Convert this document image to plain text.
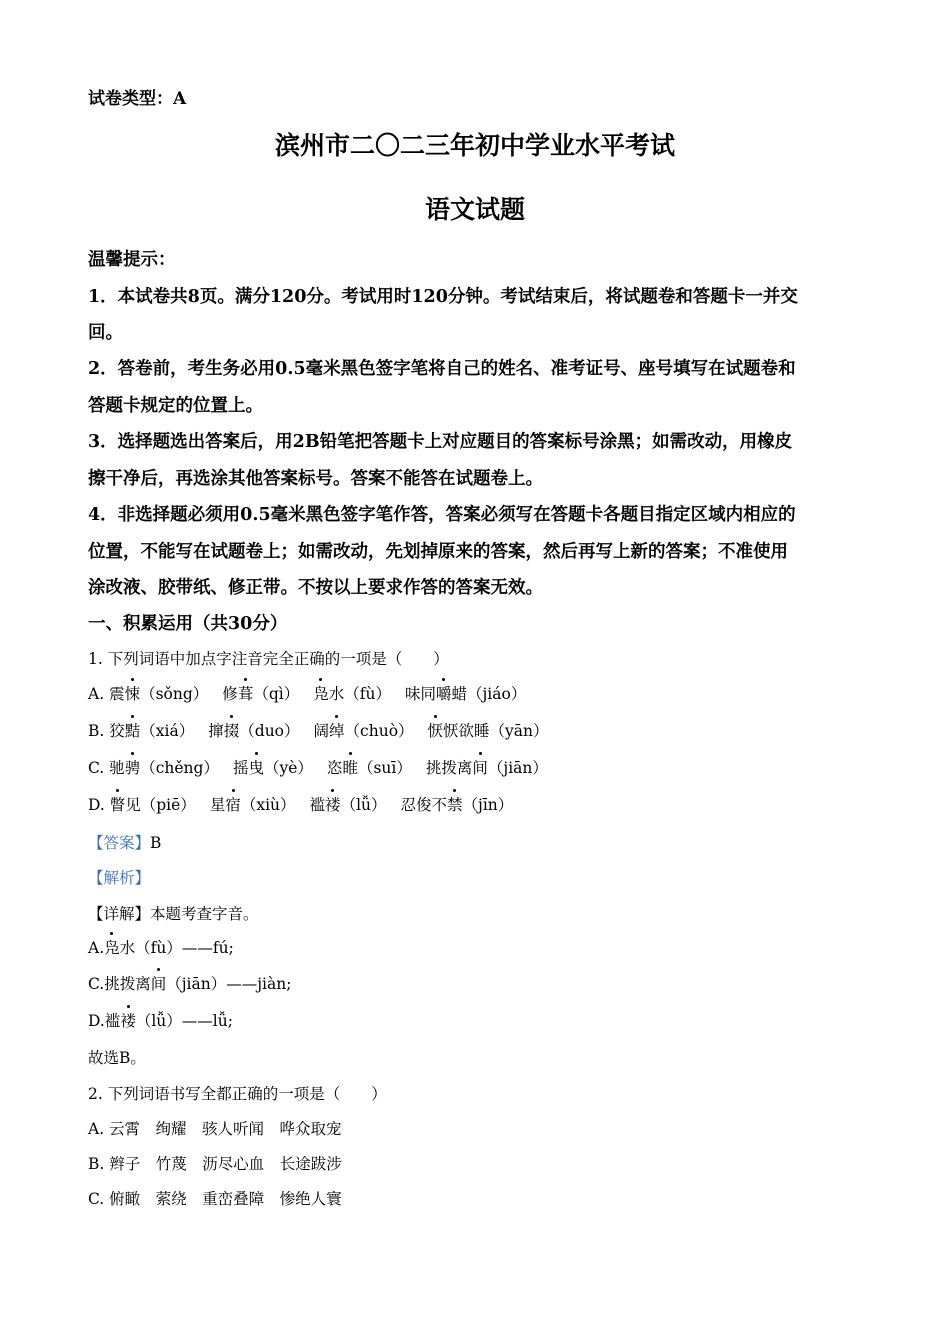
试卷类型：A
滨州市二〇二三年初中学业水平考试
语文试题
温馨提示：
1．本试卷共8页。满分120分。考试用时120分钟。考试结束后，将试题卷和答题卡一并交
回。
2．答卷前，考生务必用0.5毫米黑色签字笔将自己的姓名、准考证号、座号填写在试题卷和
答题卡规定的位置上。
3．选择题选出答案后，用2B铅笔把答题卡上对应题目的答案标号涂黑；如需改动，用橡皮
擦干净后，再选涂其他答案标号。答案不能答在试题卷上。
4．非选择题必须用0.5毫米黑色签字笔作答，答案必须写在答题卡各题目指定区域内相应的
位置，不能写在试题卷上；如需改动，先划掉原来的答案，然后再写上新的答案；不准使用
涂改液、胶带纸、修正带。不按以上要求作答的答案无效。
一、积累运用（共30分）
1. 下列词语中加点字注音完全正确的一项是（　　）
A. 震悚（sǒng） 修葺（qì） 凫水（fù） 味同嚼蜡（jiáo）
B. 狡黠（xiá） 撺掇（duo） 阔绰（chuò） 恹恹欲睡（yān）
C. 驰骋（chěng） 摇曳（yè） 恣睢（suī） 挑拨离间（jiān）
D. 瞥见（piē） 星宿（xiù） 褴褛（lǚ） 忍俊不禁（jīn）
【答案】B
【解析】
【详解】本题考查字音。
A.凫水（fù）——fú;
C.挑拨离间（jiān）——jiàn;
D.褴褛（lǚ）——lǚ;
故选B。
2. 下列词语书写全都正确的一项是（　　）
A. 云霄　绚耀　骇人听闻　哗众取宠
B. 辫子　竹蔑　沥尽心血　长途跋涉
C. 俯瞰　萦绕　重峦叠障　惨绝人寰
